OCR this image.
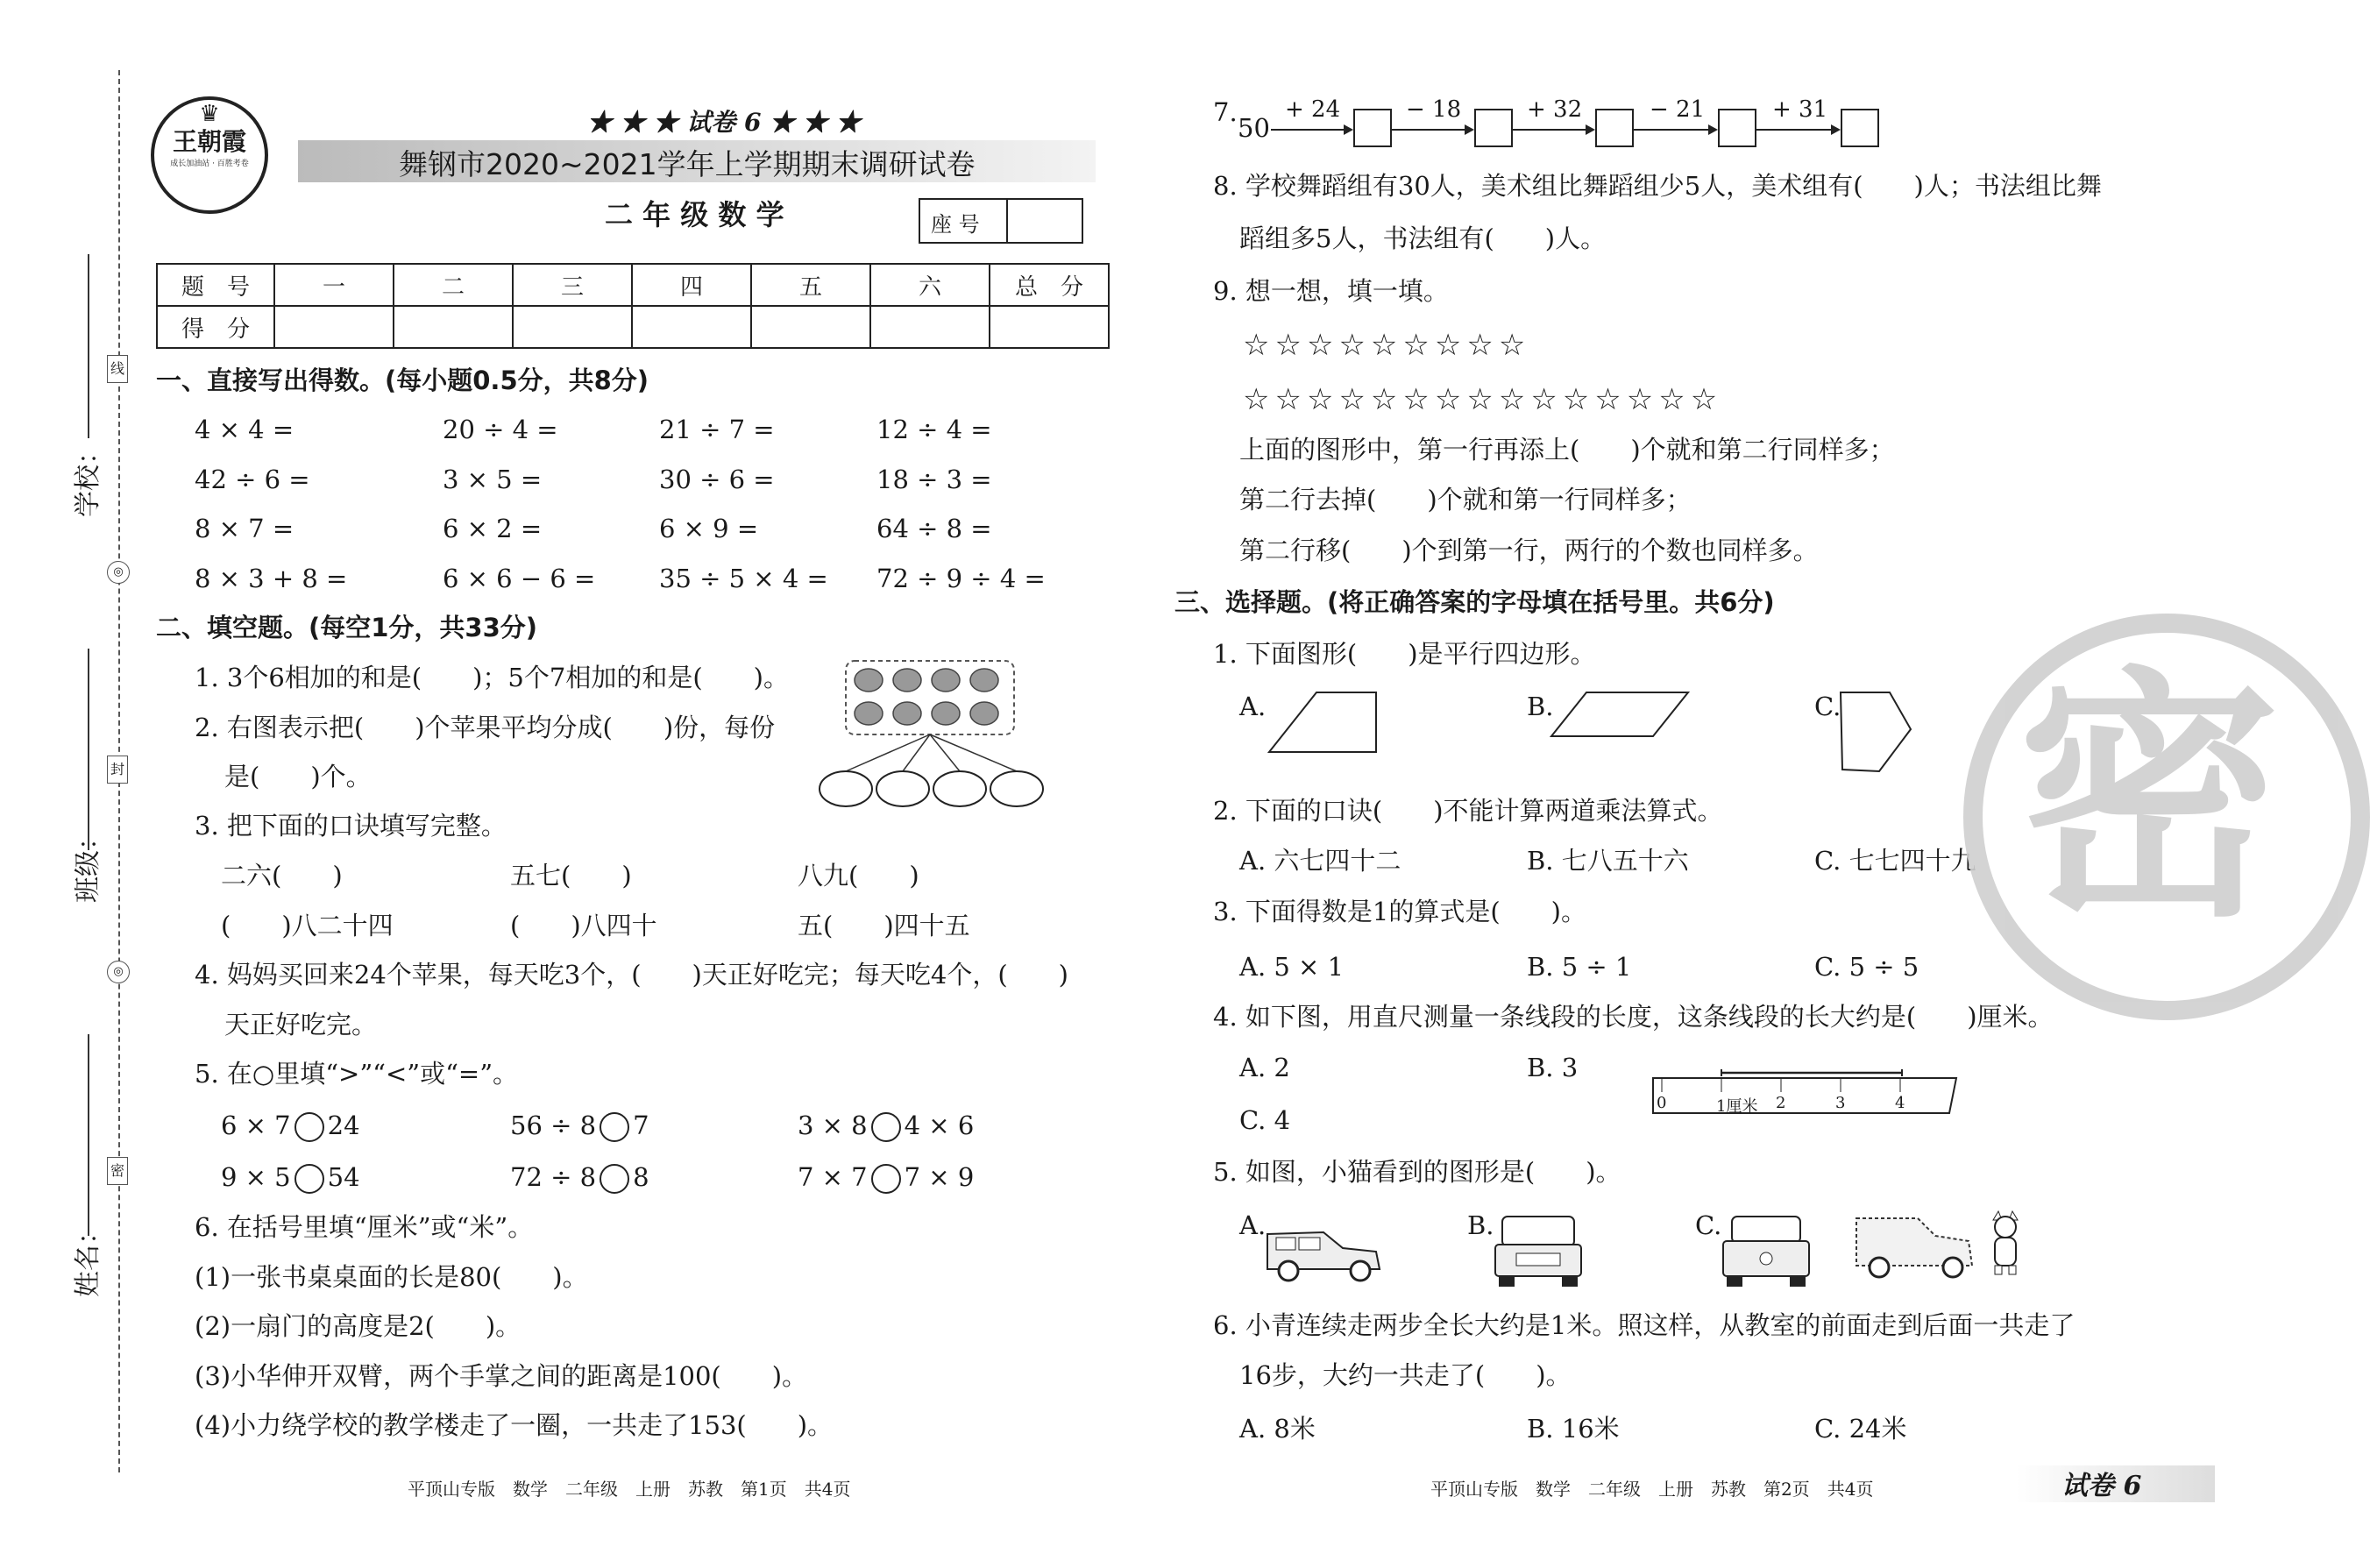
学校：
班级：
姓名：
线
◎
封
◎
密
♛
王朝霞
成长加油站 · 百胜考卷
★ ★ ★ 试卷 6 ★ ★ ★
舞钢市2020~2021学年上学期期末调研试卷
二 年 级 数 学	座 号
题　号	一	二	三	四	五	六	总　分
得　分							
一、直接写出得数。(每小题0.5分，共8分)
4 × 4 =	20 ÷ 4 =	21 ÷ 7 =	12 ÷ 4 =
42 ÷ 6 =	3 × 5 =	30 ÷ 6 =	18 ÷ 3 =
8 × 7 =	6 × 2 =	6 × 9 =	64 ÷ 8 =
8 × 3 + 8 =	6 × 6 − 6 =	35 ÷ 5 × 4 = 72 ÷ 9 ÷ 4 =
二、填空题。(每空1分，共33分)
1. 3个6相加的和是(　　)；5个7相加的和是(　　)。
2. 右图表示把(　　)个苹果平均分成(　　)份，每份
是(　　)个。
3. 把下面的口诀填写完整。
二六(　　)	五七(　　)	八九(　　)
(　　)八二十四	(　　)八四十	五(　　)四十五
4. 妈妈买回来24个苹果，每天吃3个，(　　)天正好吃完；每天吃4个，(　　)
天正好吃完。
5. 在○里填“>”“<”或“=”。
6 × 7 24	56 ÷ 8 7	3 × 8 4 × 6
9 × 5 54	72 ÷ 8 8	7 × 7 7 × 9
6. 在括号里填“厘米”或“米”。
(1)一张书桌桌面的长是80(　　)。
(2)一扇门的高度是2(　　)。
(3)小华伸开双臂，两个手掌之间的距离是100(　　)。
(4)小力绕学校的教学楼走了一圈，一共走了153(　　)。
平顶山专版　数学　二年级　上册　苏教　第1页　共4页
7.
50
+ 24	− 18	+ 32	− 21	+ 31
8. 学校舞蹈组有30人，美术组比舞蹈组少5人，美术组有(　　)人；书法组比舞
蹈组多5人，书法组有(　　)人。
9. 想一想，填一填。
☆☆☆☆☆☆☆☆☆
☆☆☆☆☆☆☆☆☆☆☆☆☆☆☆
上面的图形中，第一行再添上(　　)个就和第二行同样多；
第二行去掉(　　)个就和第一行同样多；
第二行移(　　)个到第一行，两行的个数也同样多。
三、选择题。(将正确答案的字母填在括号里。共6分)
1. 下面图形(　　)是平行四边形。
A.	B.	C.
2. 下面的口诀(　　)不能计算两道乘法算式。
A. 六七四十二	B. 七八五十六	C. 七七四十九
3. 下面得数是1的算式是(　　)。
A. 5 × 1	B. 5 ÷ 1	C. 5 ÷ 5
4. 如下图，用直尺测量一条线段的长度，这条线段的长大约是(　　)厘米。
A. 2	B. 3
C. 4
0	1厘米 2	3	4
5. 如图，小猫看到的图形是(　　)。
A.	B.	C.
6. 小青连续走两步全长大约是1米。照这样，从教室的前面走到后面一共走了
16步，大约一共走了(　　)。
A. 8米	B. 16米	C. 24米
密
平顶山专版　数学　二年级　上册　苏教　第2页　共4页	试卷 6
